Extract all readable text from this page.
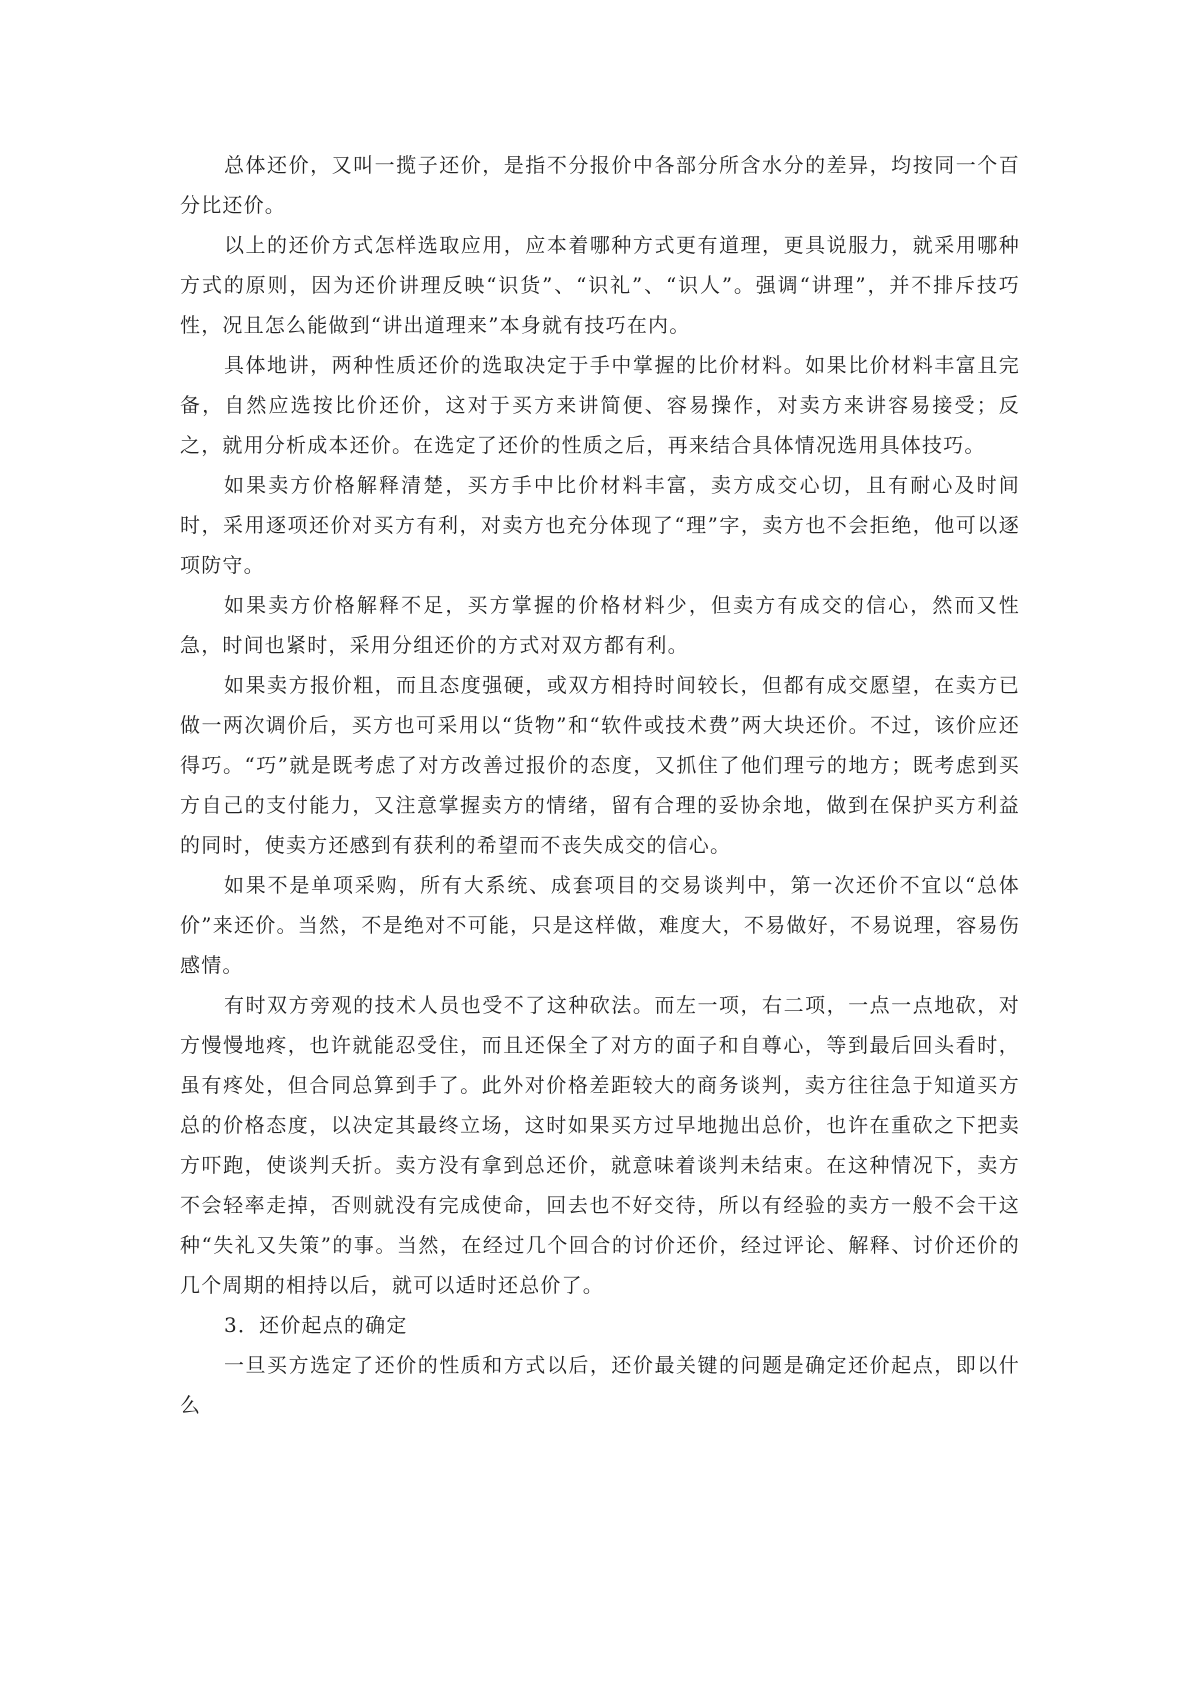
总体还价，又叫一揽子还价，是指不分报价中各部分所含水分的差异，均按同一个百分比还价。

以上的还价方式怎样选取应用，应本着哪种方式更有道理，更具说服力，就采用哪种方式的原则，因为还价讲理反映“识货”、“识礼”、“识人”。强调“讲理”，并不排斥技巧性，况且怎么能做到“讲出道理来”本身就有技巧在内。

具体地讲，两种性质还价的选取决定于手中掌握的比价材料。如果比价材料丰富且完备，自然应选按比价还价，这对于买方来讲简便、容易操作，对卖方来讲容易接受；反之，就用分析成本还价。在选定了还价的性质之后，再来结合具体情况选用具体技巧。

如果卖方价格解释清楚，买方手中比价材料丰富，卖方成交心切，且有耐心及时间时，采用逐项还价对买方有利，对卖方也充分体现了“理”字，卖方也不会拒绝，他可以逐项防守。

如果卖方价格解释不足，买方掌握的价格材料少，但卖方有成交的信心，然而又性急，时间也紧时，采用分组还价的方式对双方都有利。

如果卖方报价粗，而且态度强硬，或双方相持时间较长，但都有成交愿望，在卖方已做一两次调价后，买方也可采用以“货物”和“软件或技术费”两大块还价。不过，该价应还得巧。“巧”就是既考虑了对方改善过报价的态度，又抓住了他们理亏的地方；既考虑到买方自己的支付能力，又注意掌握卖方的情绪，留有合理的妥协余地，做到在保护买方利益的同时，使卖方还感到有获利的希望而不丧失成交的信心。

如果不是单项采购，所有大系统、成套项目的交易谈判中，第一次还价不宜以“总体价”来还价。当然，不是绝对不可能，只是这样做，难度大，不易做好，不易说理，容易伤感情。

有时双方旁观的技术人员也受不了这种砍法。而左一项，右二项，一点一点地砍，对方慢慢地疼，也许就能忍受住，而且还保全了对方的面子和自尊心，等到最后回头看时，虽有疼处，但合同总算到手了。此外对价格差距较大的商务谈判，卖方往往急于知道买方总的价格态度，以决定其最终立场，这时如果买方过早地抛出总价，也许在重砍之下把卖方吓跑，使谈判夭折。卖方没有拿到总还价，就意味着谈判未结束。在这种情况下，卖方不会轻率走掉，否则就没有完成使命，回去也不好交待，所以有经验的卖方一般不会干这种“失礼又失策”的事。当然，在经过几个回合的讨价还价，经过评论、解释、讨价还价的几个周期的相持以后，就可以适时还总价了。

3．还价起点的确定

一旦买方选定了还价的性质和方式以后，还价最关键的问题是确定还价起点，即以什么
